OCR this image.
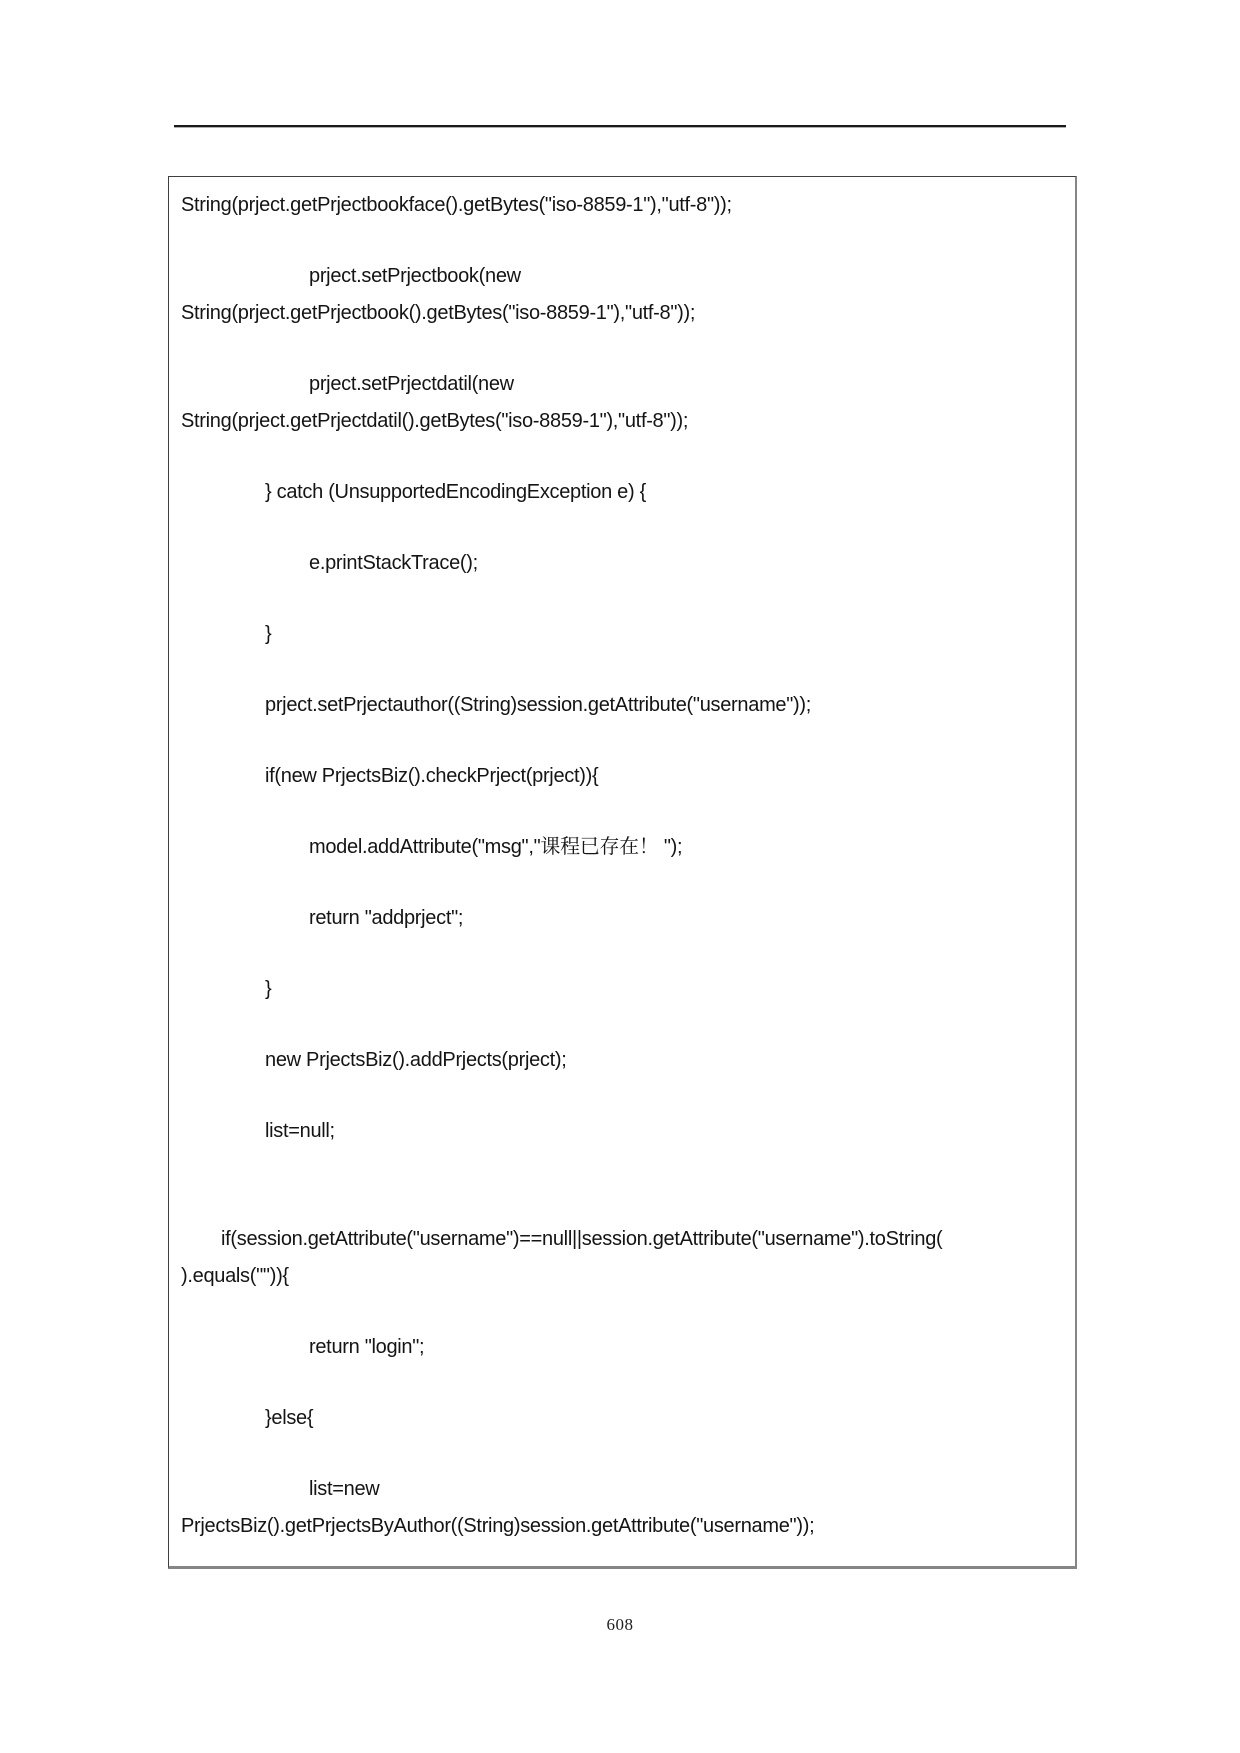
String(prject.getPrjectbookface().getBytes("iso-8859-1"),"utf-8"));
prject.setPrjectbook(new
String(prject.getPrjectbook().getBytes("iso-8859-1"),"utf-8"));
prject.setPrjectdatil(new
String(prject.getPrjectdatil().getBytes("iso-8859-1"),"utf-8"));
} catch (UnsupportedEncodingException e) {
e.printStackTrace();
}
prject.setPrjectauthor((String)session.getAttribute("username"));
if(new PrjectsBiz().checkPrject(prject)){
model.addAttribute("msg","课程已存在！ ");
return "addprject";
}
new PrjectsBiz().addPrjects(prject);
list=null;
if(session.getAttribute("username")==null||session.getAttribute("username").toString(
).equals("")){
return "login";
}else{
list=new
PrjectsBiz().getPrjectsByAuthor((String)session.getAttribute("username"));
608
